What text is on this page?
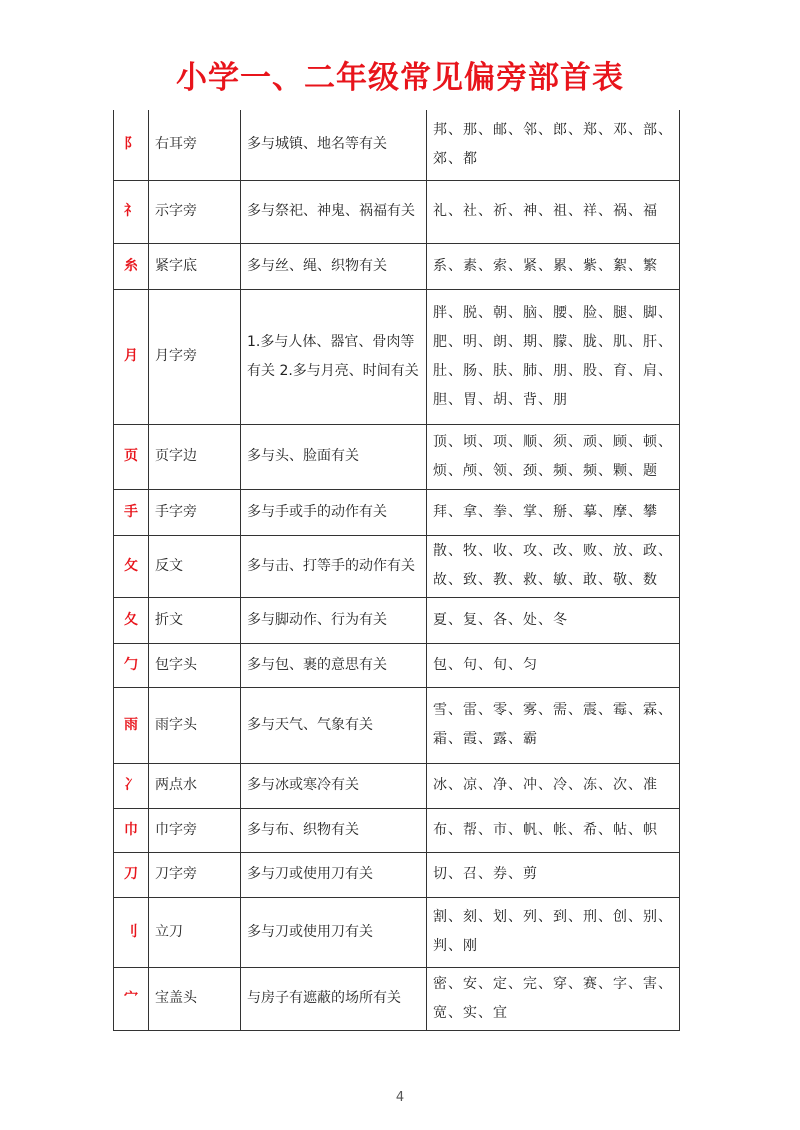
小学一、二年级常见偏旁部首表
阝	右耳旁	多与城镇、地名等有关	邦、那、邮、邻、郎、郑、邓、部、郊、都
礻	示字旁	多与祭祀、神鬼、祸福有关	礼、社、祈、神、祖、祥、祸、福
糸	紧字底	多与丝、绳、织物有关	系、素、索、紧、累、紫、絮、繁
月	月字旁	1.多与人体、器官、骨肉等有关 2.多与月亮、时间有关	胖、脱、朝、脑、腰、脸、腿、脚、肥、明、朗、期、朦、胧、肌、肝、肚、肠、肤、肺、朋、股、育、肩、胆、胃、胡、背、朋
页	页字边	多与头、脸面有关	顶、顷、项、顺、须、顽、顾、顿、烦、颅、领、颈、频、频、颗、题
手	手字旁	多与手或手的动作有关	拜、拿、拳、掌、掰、摹、摩、攀
攵	反文	多与击、打等手的动作有关	散、牧、收、攻、改、败、放、政、故、致、教、救、敏、敢、敬、数
夂	折文	多与脚动作、行为有关	夏、复、各、处、冬
勹	包字头	多与包、裹的意思有关	包、句、旬、匀
雨	雨字头	多与天气、气象有关	雪、雷、零、雾、需、震、霉、霖、霜、霞、露、霸
冫	两点水	多与冰或寒冷有关	冰、凉、净、冲、冷、冻、次、准
巾	巾字旁	多与布、织物有关	布、帮、市、帆、帐、希、帖、帜
刀	刀字旁	多与刀或使用刀有关	切、召、券、剪
刂	立刀	多与刀或使用刀有关	割、刻、划、列、到、刑、创、别、判、刚
宀	宝盖头	与房子有遮蔽的场所有关	密、安、定、完、穿、赛、字、害、宽、实、宜
4
